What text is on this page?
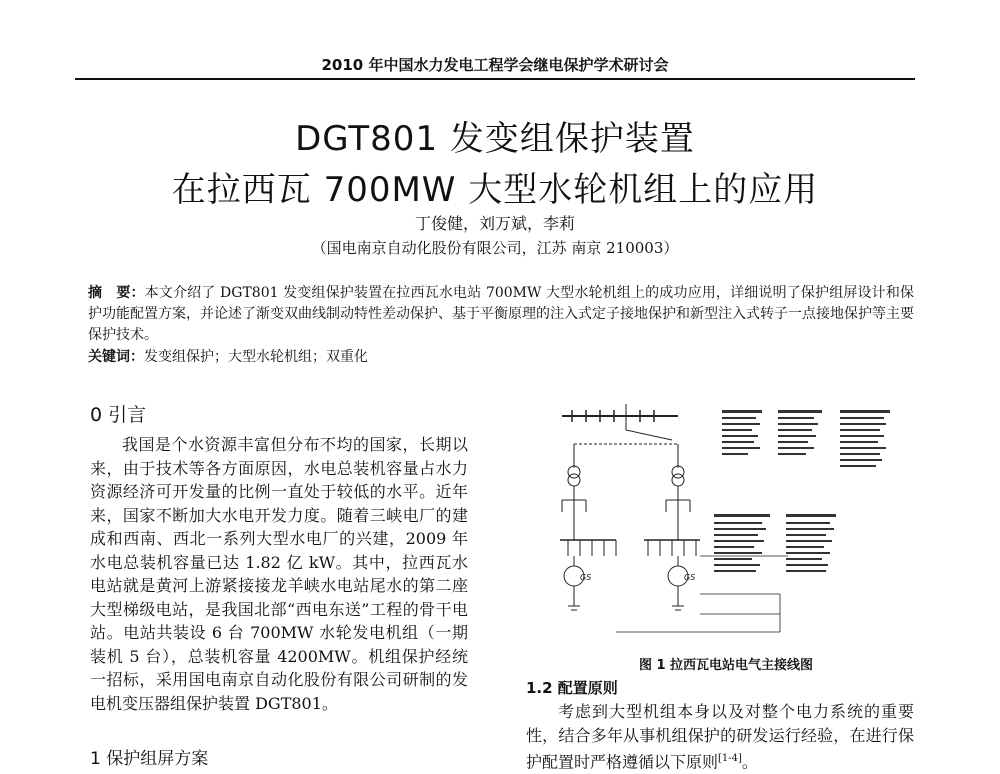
2010 年中国水力发电工程学会继电保护学术研讨会
DGT801 发变组保护装置
在拉西瓦 700MW 大型水轮机组上的应用
丁俊健，刘万斌，李莉
（国电南京自动化股份有限公司，江苏 南京 210003）
摘　要：本文介绍了 DGT801 发变组保护装置在拉西瓦水电站 700MW 大型水轮机组上的成功应用，详细说明了保护组屏设计和保护功能配置方案，并论述了渐变双曲线制动特性差动保护、基于平衡原理的注入式定子接地保护和新型注入式转子一点接地保护等主要保护技术。
关键词：发变组保护；大型水轮机组；双重化
0 引言

我国是个水资源丰富但分布不均的国家，长期以来，由于技术等各方面原因，水电总装机容量占水力资源经济可开发量的比例一直处于较低的水平。近年来，国家不断加大水电开发力度。随着三峡电厂的建成和西南、西北一系列大型水电厂的兴建，2009 年水电总装机容量已达 1.82 亿 kW。其中，拉西瓦水电站就是黄河上游紧接接龙羊峡水电站尾水的第二座大型梯级电站，是我国北部“西电东送”工程的骨干电站。电站共装设 6 台 700MW 水轮发电机组（一期装机 5 台），总装机容量 4200MW。机组保护经统一招标，采用国电南京自动化股份有限公司研制的发电机变压器组保护装置 DGT801。

1 保护组屏方案
GS	GS
图 1 拉西瓦电站电气主接线图
1.2 配置原则

考虑到大型机组本身以及对整个电力系统的重要性，结合多年从事机组保护的研发运行经验，在进行保护配置时严格遵循以下原则[1-4]。
